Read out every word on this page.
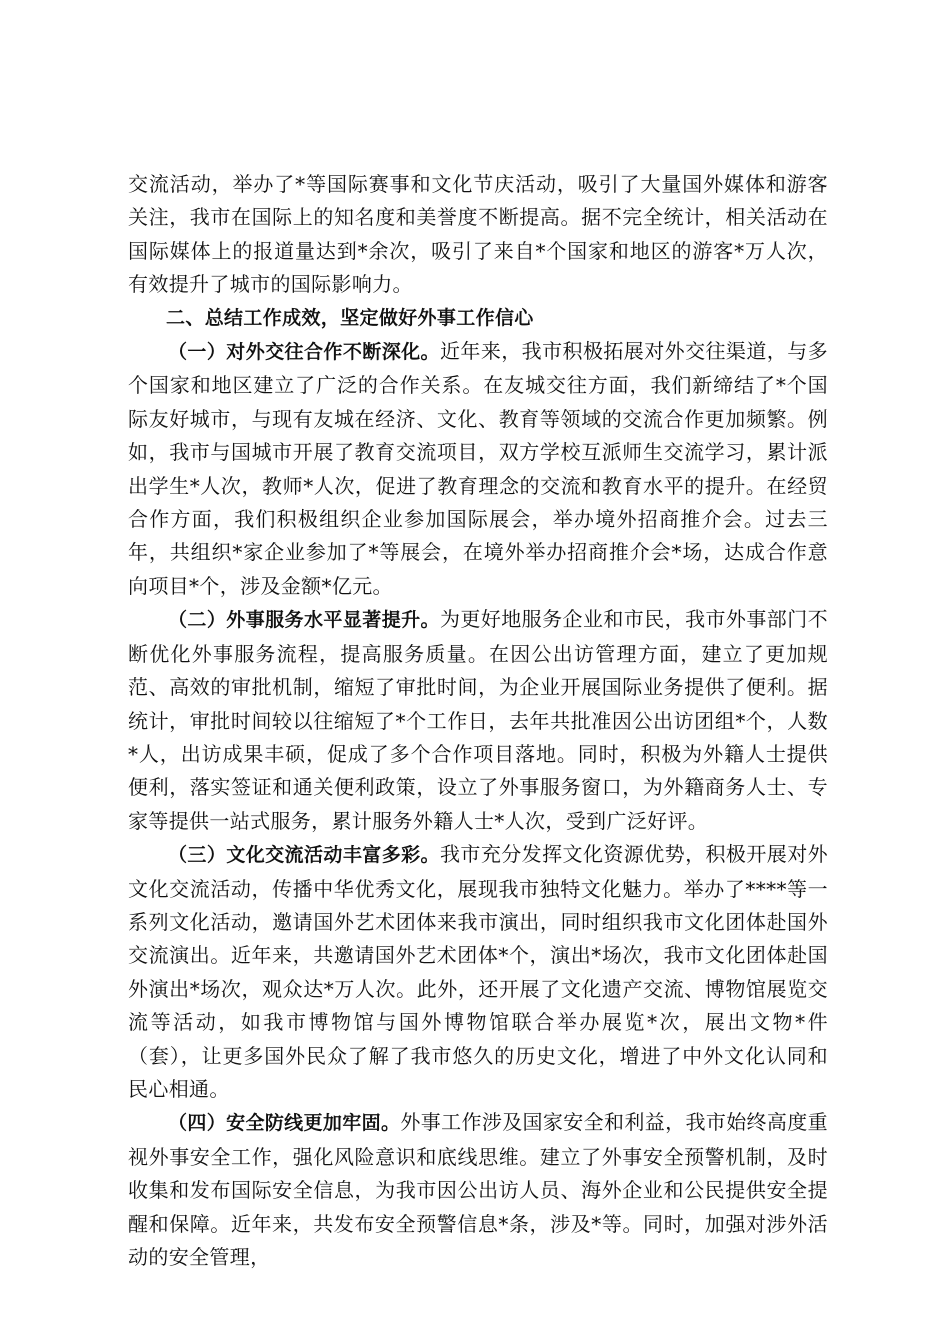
交流活动，举办了*等国际赛事和文化节庆活动，吸引了大量国外媒体和游客关注，我市在国际上的知名度和美誉度不断提高。据不完全统计，相关活动在国际媒体上的报道量达到*余次，吸引了来自*个国家和地区的游客*万人次，有效提升了城市的国际影响力。

二、总结工作成效，坚定做好外事工作信心

（一）对外交往合作不断深化。近年来，我市积极拓展对外交往渠道，与多个国家和地区建立了广泛的合作关系。在友城交往方面，我们新缔结了*个国际友好城市，与现有友城在经济、文化、教育等领域的交流合作更加频繁。例如，我市与国城市开展了教育交流项目，双方学校互派师生交流学习，累计派出学生*人次，教师*人次，促进了教育理念的交流和教育水平的提升。在经贸合作方面，我们积极组织企业参加国际展会，举办境外招商推介会。过去三年，共组织*家企业参加了*等展会，在境外举办招商推介会*场，达成合作意向项目*个，涉及金额*亿元。

（二）外事服务水平显著提升。为更好地服务企业和市民，我市外事部门不断优化外事服务流程，提高服务质量。在因公出访管理方面，建立了更加规范、高效的审批机制，缩短了审批时间，为企业开展国际业务提供了便利。据统计，审批时间较以往缩短了*个工作日，去年共批准因公出访团组*个，人数*人，出访成果丰硕，促成了多个合作项目落地。同时，积极为外籍人士提供便利，落实签证和通关便利政策，设立了外事服务窗口，为外籍商务人士、专家等提供一站式服务，累计服务外籍人士*人次，受到广泛好评。

（三）文化交流活动丰富多彩。我市充分发挥文化资源优势，积极开展对外文化交流活动，传播中华优秀文化，展现我市独特文化魅力。举办了****等一系列文化活动，邀请国外艺术团体来我市演出，同时组织我市文化团体赴国外交流演出。近年来，共邀请国外艺术团体*个，演出*场次，我市文化团体赴国外演出*场次，观众达*万人次。此外，还开展了文化遗产交流、博物馆展览交流等活动，如我市博物馆与国外博物馆联合举办展览*次，展出文物*件（套），让更多国外民众了解了我市悠久的历史文化，增进了中外文化认同和民心相通。

（四）安全防线更加牢固。外事工作涉及国家安全和利益，我市始终高度重视外事安全工作，强化风险意识和底线思维。建立了外事安全预警机制，及时收集和发布国际安全信息，为我市因公出访人员、海外企业和公民提供安全提醒和保障。近年来，共发布安全预警信息*条，涉及*等。同时，加强对涉外活动的安全管理，
